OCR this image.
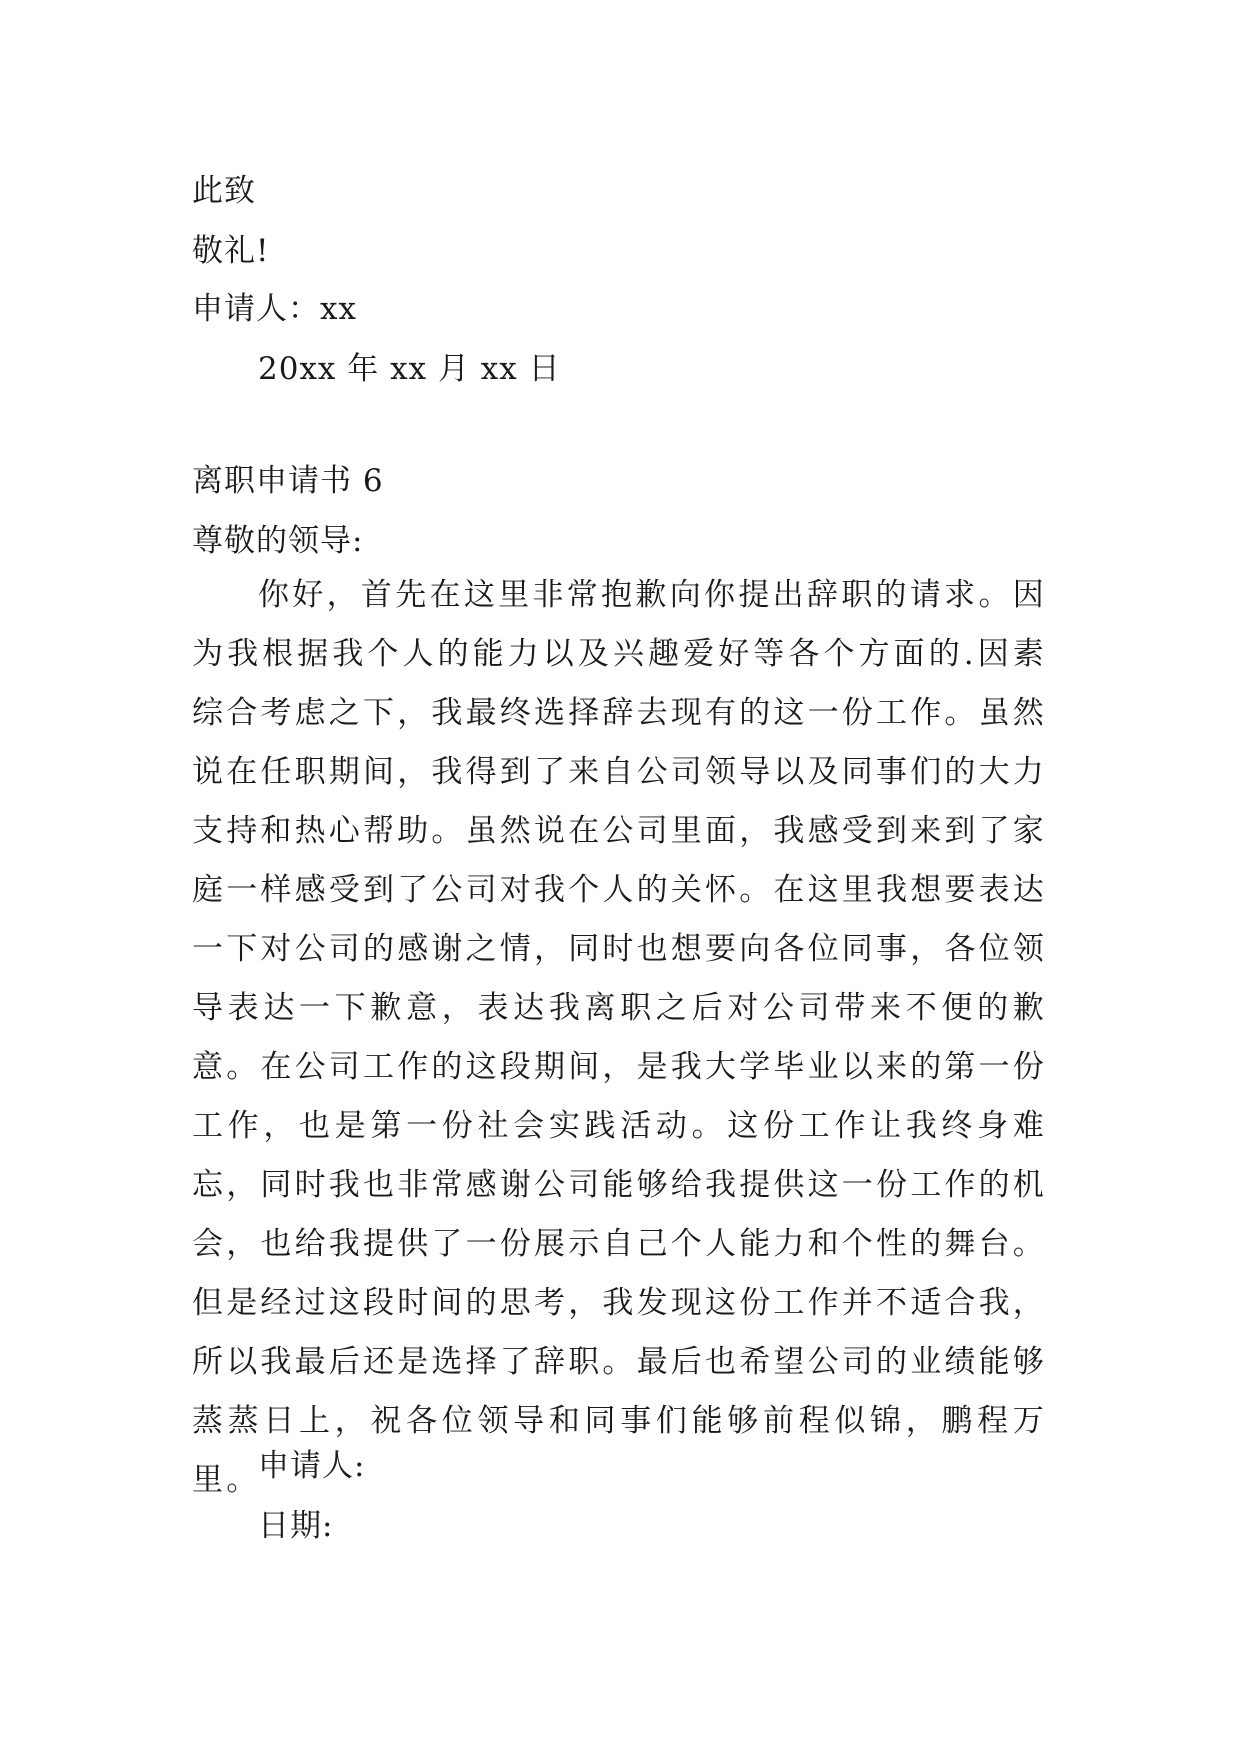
此致
敬礼!
申请人：xx
20xx 年 xx 月 xx 日
离职申请书 6
尊敬的领导:
你好，首先在这里非常抱歉向你提出辞职的请求。因为我根据我个人的能力以及兴趣爱好等各个方面的.因素综合考虑之下，我最终选择辞去现有的这一份工作。虽然说在任职期间，我得到了来自公司领导以及同事们的大力支持和热心帮助。虽然说在公司里面，我感受到来到了家庭一样感受到了公司对我个人的关怀。在这里我想要表达一下对公司的感谢之情，同时也想要向各位同事，各位领导表达一下歉意，表达我离职之后对公司带来不便的歉意。在公司工作的这段期间，是我大学毕业以来的第一份工作，也是第一份社会实践活动。这份工作让我终身难忘，同时我也非常感谢公司能够给我提供这一份工作的机会，也给我提供了一份展示自己个人能力和个性的舞台。但是经过这段时间的思考，我发现这份工作并不适合我，所以我最后还是选择了辞职。最后也希望公司的业绩能够蒸蒸日上，祝各位领导和同事们能够前程似锦，鹏程万里。
申请人:
日期:
